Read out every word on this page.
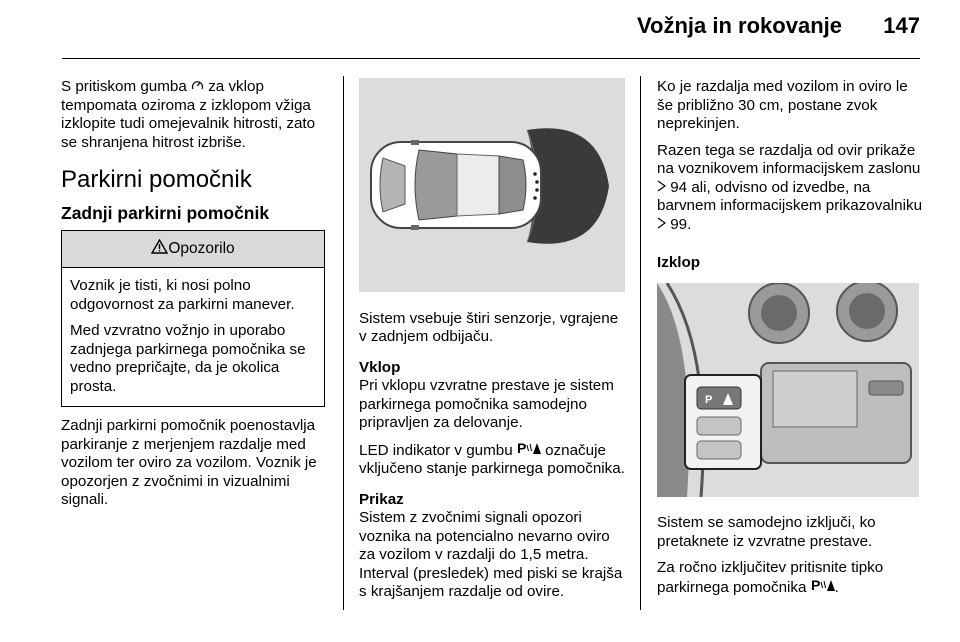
Vožnja in rokovanje 147

S pritiskom gumba  za vklop tempomata oziroma z izklopom vžiga izklopite tudi omejevalnik hitrosti, zato se shranjena hitrost izbriše.

Parkirni pomočnik
Zadnji parkirni pomočnik
Opozorilo

Voznik je tisti, ki nosi polno odgovornost za parkirni manever.

Med vzvratno vožnjo in uporabo zadnjega parkirnega pomočnika se vedno prepričajte, da je okolica prosta.

Zadnji parkirni pomočnik poenostavlja parkiranje z merjenjem razdalje med vozilom ter oviro za vozilom. Voznik je opozorjen z zvočnimi in vizualnimi signali.

Sistem vsebuje štiri senzorje, vgrajene v zadnjem odbijaču.

Vklop

Pri vklopu vzvratne prestave je sistem parkirnega pomočnika samodejno pripravljen za delovanje.

LED indikator v gumbu P označuje vključeno stanje parkirnega pomočnika.

Prikaz

Sistem z zvočnimi signali opozori voznika na potencialno nevarno oviro za vozilom v razdalji do 1,5 metra. Interval (presledek) med piski se krajša s krajšanjem razdalje od ovire.

Ko je razdalja med vozilom in oviro le še približno 30 cm, postane zvok neprekinjen.

Razen tega se razdalja od ovir prikaže na voznikovem informacijskem zaslonu  94 ali, odvisno od izvedbe, na barvnem informacijskem prikazovalniku  99.

Izklop
P

Sistem se samodejno izključi, ko pretaknete iz vzvratne prestave.

Za ročno izključitev pritisnite tipko parkirnega pomočnika P .
